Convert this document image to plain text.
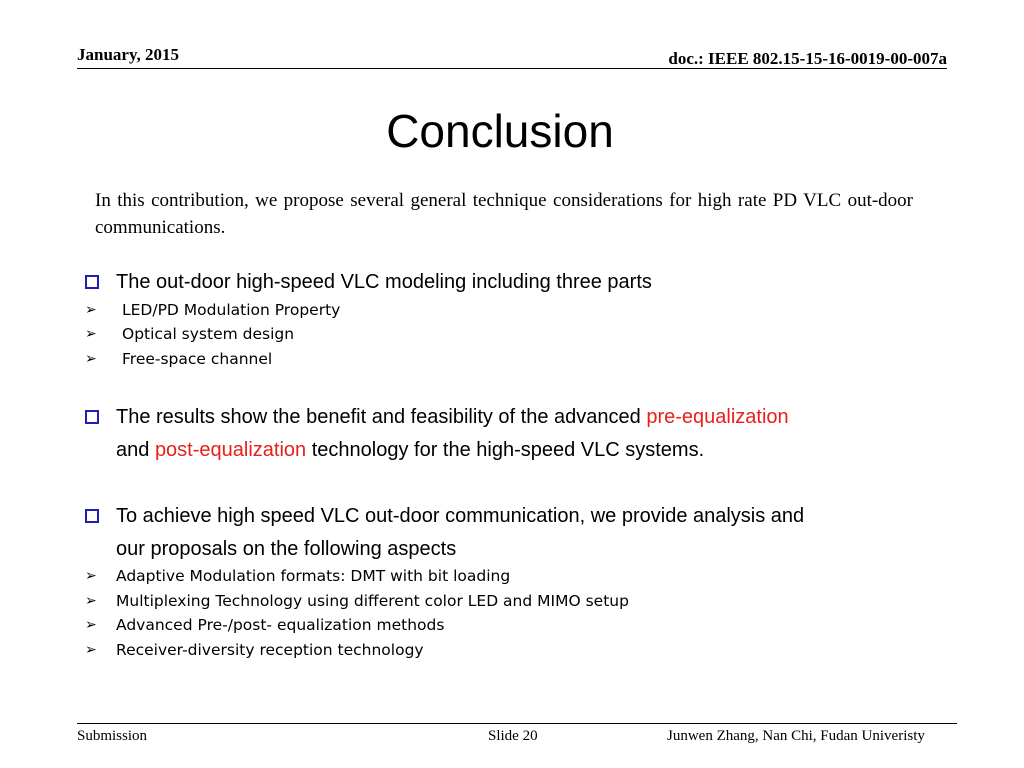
January, 2015	doc.: IEEE 802.15-15-16-0019-00-007a
Conclusion
In this contribution, we propose several general technique considerations for high rate PD VLC out-door communications.
The out-door high-speed VLC modeling including three parts
➢ LED/PD Modulation Property
➢ Optical system design
➢ Free-space channel
The results show the benefit and feasibility of the advanced pre-equalization
and post-equalization technology for the high-speed VLC systems.
To achieve high speed VLC out-door communication, we provide analysis and
our proposals on the following aspects
➢ Adaptive Modulation formats: DMT with bit loading
➢ Multiplexing Technology using different color LED and MIMO setup
➢ Advanced Pre-/post- equalization methods
➢ Receiver-diversity reception technology
Submission	Slide 20	Junwen Zhang, Nan Chi, Fudan Univeristy
